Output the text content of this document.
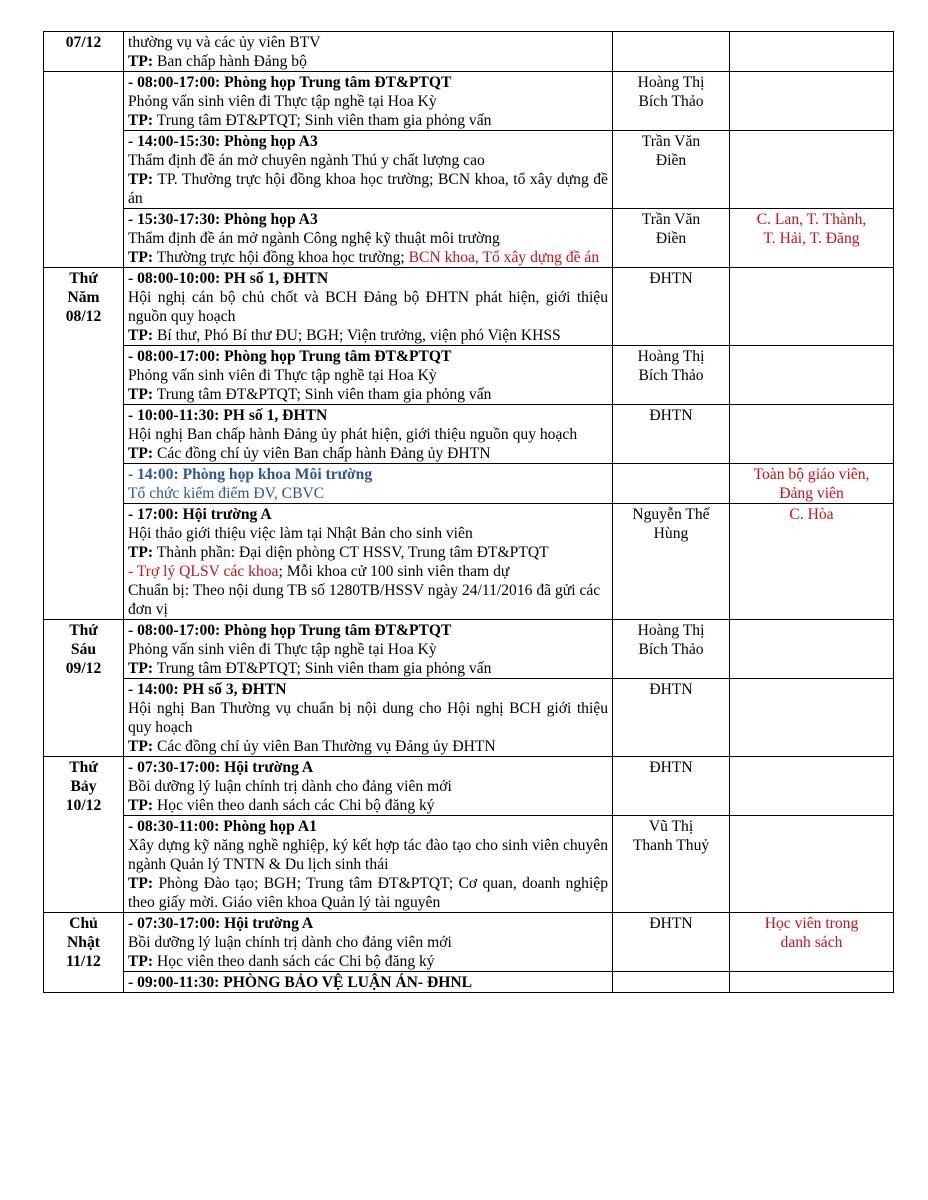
07/12	thường vụ và các ủy viên BTV
TP: Ban chấp hành Đảng bộ		

	- 08:00-17:00: Phòng họp Trung tâm ĐT&PTQT
Phỏng vấn sinh viên đi Thực tập nghề tại Hoa Kỳ
TP: Trung tâm ĐT&PTQT; Sinh viên tham gia phỏng vấn	Hoàng Thị
Bích Thảo	

	- 14:00-15:30: Phòng họp A3
Thẩm định đề án mở chuyên ngành Thú y chất lượng cao
TP: TP. Thường trực hội đồng khoa học trường; BCN khoa, tổ xây dựng đề án	Trần Văn
Điền	

	- 15:30-17:30: Phòng họp A3
Thẩm định đề án mở ngành Công nghệ kỹ thuật môi trường
TP: Thường trực hội đồng khoa học trường; BCN khoa, Tổ xây dựng đề án	Trần Văn
Điền	C. Lan, T. Thành,
T. Hải, T. Đăng

Thứ
Năm
08/12	- 08:00-10:00: PH số 1, ĐHTN
Hội nghị cán bộ chủ chốt và BCH Đảng bộ ĐHTN phát hiện, giới thiệu nguồn quy hoạch
TP: Bí thư, Phó Bí thư ĐU; BGH; Viện trưởng, viện phó Viện KHSS	ĐHTN	

	- 08:00-17:00: Phòng họp Trung tâm ĐT&PTQT
Phỏng vấn sinh viên đi Thực tập nghề tại Hoa Kỳ
TP: Trung tâm ĐT&PTQT; Sinh viên tham gia phỏng vấn	Hoàng Thị
Bích Thảo	

	- 10:00-11:30: PH số 1, ĐHTN
Hội nghị Ban chấp hành Đảng ủy phát hiện, giới thiệu nguồn quy hoạch
TP: Các đồng chí ủy viên Ban chấp hành Đảng ủy ĐHTN	ĐHTN	

	- 14:00: Phòng họp khoa Môi trường
Tổ chức kiểm điểm ĐV, CBVC		Toàn bộ giáo viên,
Đảng viên

	- 17:00: Hội trường A
Hội thảo giới thiệu việc làm tại Nhật Bản cho sinh viên
TP: Thành phần: Đại diện phòng CT HSSV, Trung tâm ĐT&PTQT
- Trợ lý QLSV các khoa; Mỗi khoa cử 100 sinh viên tham dự
Chuẩn bị: Theo nội dung TB số 1280TB/HSSV ngày 24/11/2016 đã gửi các đơn vị	Nguyễn Thế
Hùng	C. Hòa

Thứ
Sáu
09/12	- 08:00-17:00: Phòng họp Trung tâm ĐT&PTQT
Phỏng vấn sinh viên đi Thực tập nghề tại Hoa Kỳ
TP: Trung tâm ĐT&PTQT; Sinh viên tham gia phỏng vấn	Hoàng Thị
Bích Thảo	

	- 14:00: PH số 3, ĐHTN
Hội nghị Ban Thường vụ chuẩn bị nội dung cho Hội nghị BCH giới thiệu quy hoạch
TP: Các đồng chí ủy viên Ban Thường vụ Đảng ủy ĐHTN	ĐHTN	

Thứ
Bảy
10/12	- 07:30-17:00: Hội trường A
Bồi dưỡng lý luận chính trị dành cho đảng viên mới
TP: Học viên theo danh sách các Chi bộ đăng ký	ĐHTN	

	- 08:30-11:00: Phòng họp A1
Xây dựng kỹ năng nghề nghiệp, ký kết hợp tác đào tạo cho sinh viên chuyên ngành Quản lý TNTN & Du lịch sinh thái
TP: Phòng Đào tạo; BGH; Trung tâm ĐT&PTQT; Cơ quan, doanh nghiệp theo giấy mời. Giáo viên khoa Quản lý tài nguyên	Vũ Thị
Thanh Thuỷ	

Chủ
Nhật
11/12	- 07:30-17:00: Hội trường A
Bồi dưỡng lý luận chính trị dành cho đảng viên mới
TP: Học viên theo danh sách các Chi bộ đăng ký	ĐHTN	Học viên trong
danh sách

	- 09:00-11:30: PHÒNG BẢO VỆ LUẬN ÁN- ĐHNL		
